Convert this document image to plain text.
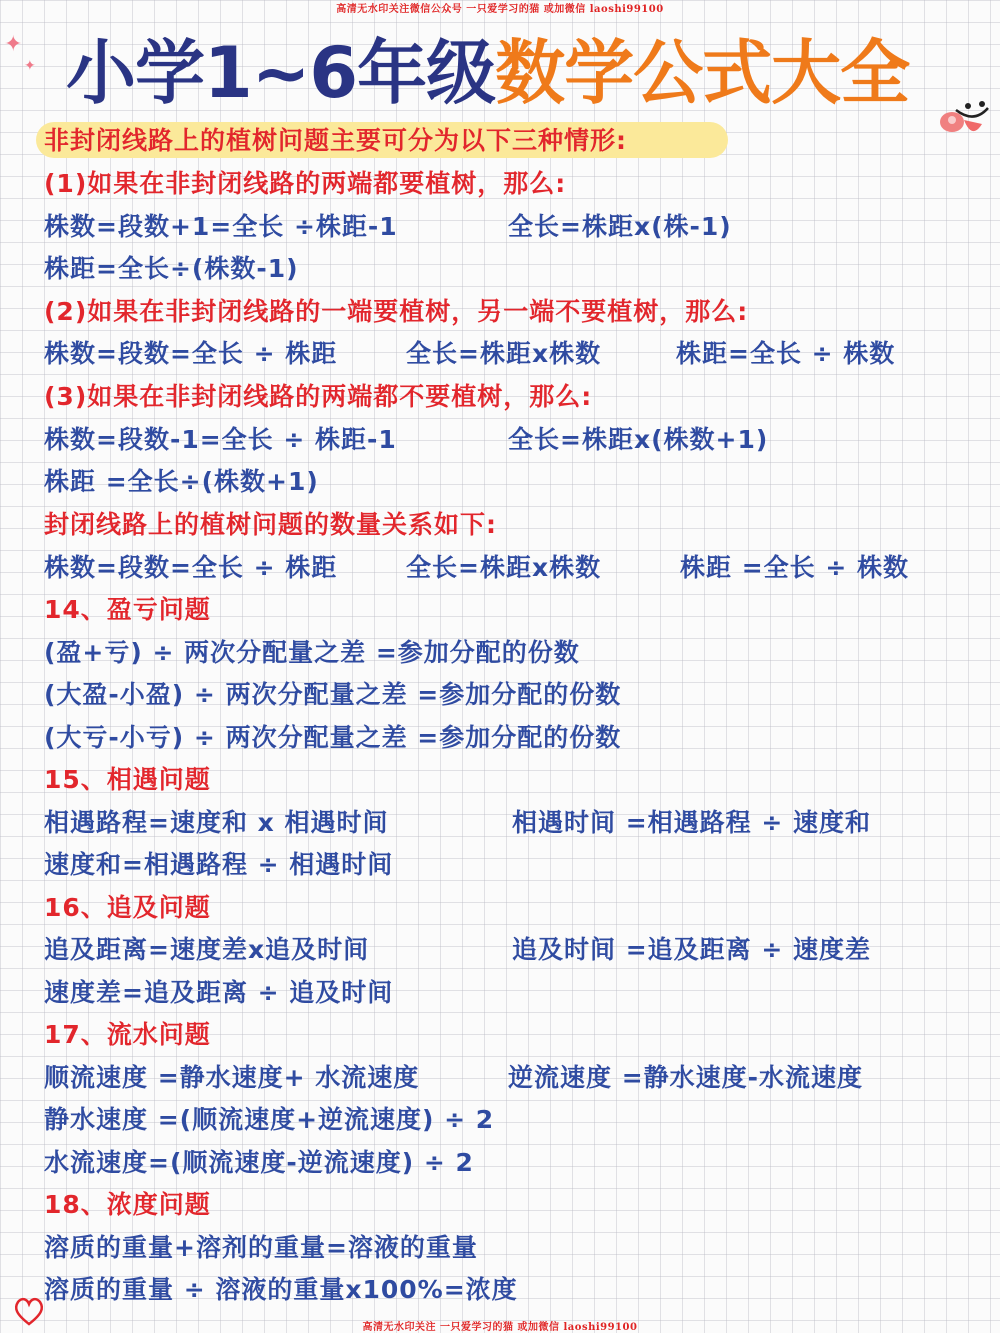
高清无水印关注微信公众号 一只爱学习的猫 或加微信 laoshi99100
高清无水印关注 一只爱学习的猫 或加微信 laoshi99100
✦
✦ 小学1~6年级数学公式大全
非封闭线路上的植树问题主要可分为以下三种情形:
(1)如果在非封闭线路的两端都要植树，那么:
株数=段数+1=全长 ÷株距-1	全长=株距x(株-1)
株距=全长÷(株数-1)
(2)如果在非封闭线路的一端要植树，另一端不要植树，那么:
株数=段数=全长 ÷ 株距	全长=株距x株数	株距=全长 ÷ 株数
(3)如果在非封闭线路的两端都不要植树，那么:
株数=段数-1=全长 ÷ 株距-1	全长=株距x(株数+1)
株距 =全长÷(株数+1)
封闭线路上的植树问题的数量关系如下:
株数=段数=全长 ÷ 株距	全长=株距x株数	株距 =全长 ÷ 株数
14、盈亏问题
(盈+亏) ÷ 两次分配量之差 =参加分配的份数
(大盈-小盈) ÷ 两次分配量之差 =参加分配的份数
(大亏-小亏) ÷ 两次分配量之差 =参加分配的份数
15、相遇问题
相遇路程=速度和 x 相遇时间	相遇时间 =相遇路程 ÷ 速度和
速度和=相遇路程 ÷ 相遇时间
16、追及问题
追及距离=速度差x追及时间	追及时间 =追及距离 ÷ 速度差
速度差=追及距离 ÷ 追及时间
17、流水问题
顺流速度 =静水速度+ 水流速度	逆流速度 =静水速度-水流速度
静水速度 =(顺流速度+逆流速度) ÷ 2
水流速度=(顺流速度-逆流速度) ÷ 2
18、浓度问题
溶质的重量+溶剂的重量=溶液的重量
溶质的重量 ÷ 溶液的重量x100%=浓度
